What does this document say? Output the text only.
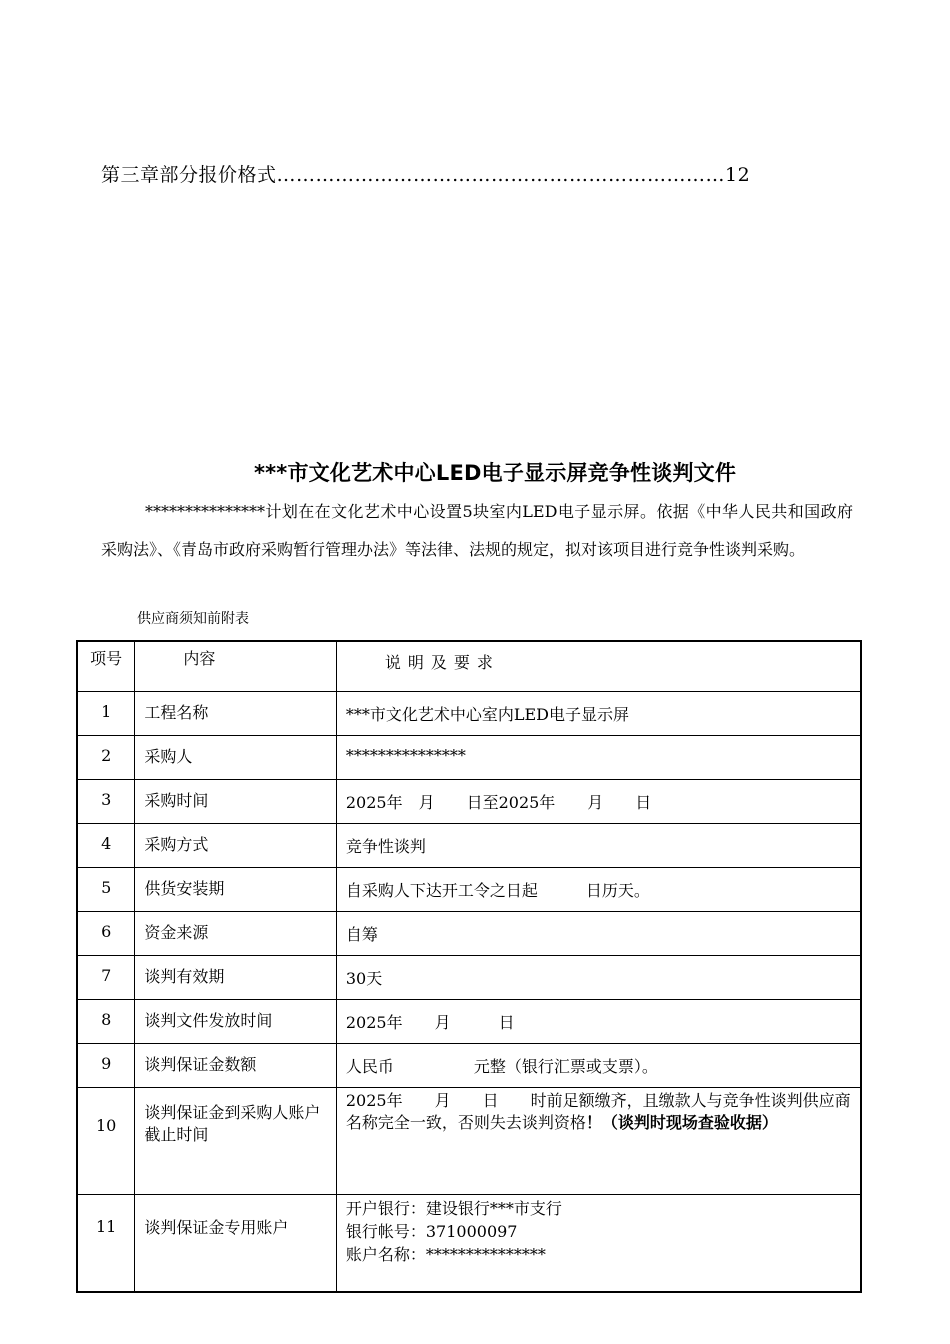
第三章部分报价格式……………………………………………………………12
***市文化艺术中心LED电子显示屏竞争性谈判文件
***************计划在在文化艺术中心设置5块室内LED电子显示屏。依据《中华人民共和国政府采购法》、《青岛市政府采购暂行管理办法》等法律、法规的规定，拟对该项目进行竞争性谈判采购。
供应商须知前附表
项号	内容	说明及要求
1	工程名称	***市文化艺术中心室内LED电子显示屏
2	采购人	***************
3	采购时间	2025年　月　　日至2025年　　月　　日
4	采购方式	竞争性谈判
5	供货安装期	自采购人下达开工令之日起　　　日历天。
6	资金来源	自筹
7	谈判有效期	30天
8	谈判文件发放时间	2025年　　月　　　日
9	谈判保证金数额	人民币　　　　　元整（银行汇票或支票）。
10	谈判保证金到采购人账户截止时间	2025年　　月　　日　　时前足额缴齐，且缴款人与竞争性谈判供应商名称完全一致，否则失去谈判资格！（谈判时现场查验收据）
11	谈判保证金专用账户	开户银行：建设银行***市支行
银行帐号：371000097
账户名称：***************
